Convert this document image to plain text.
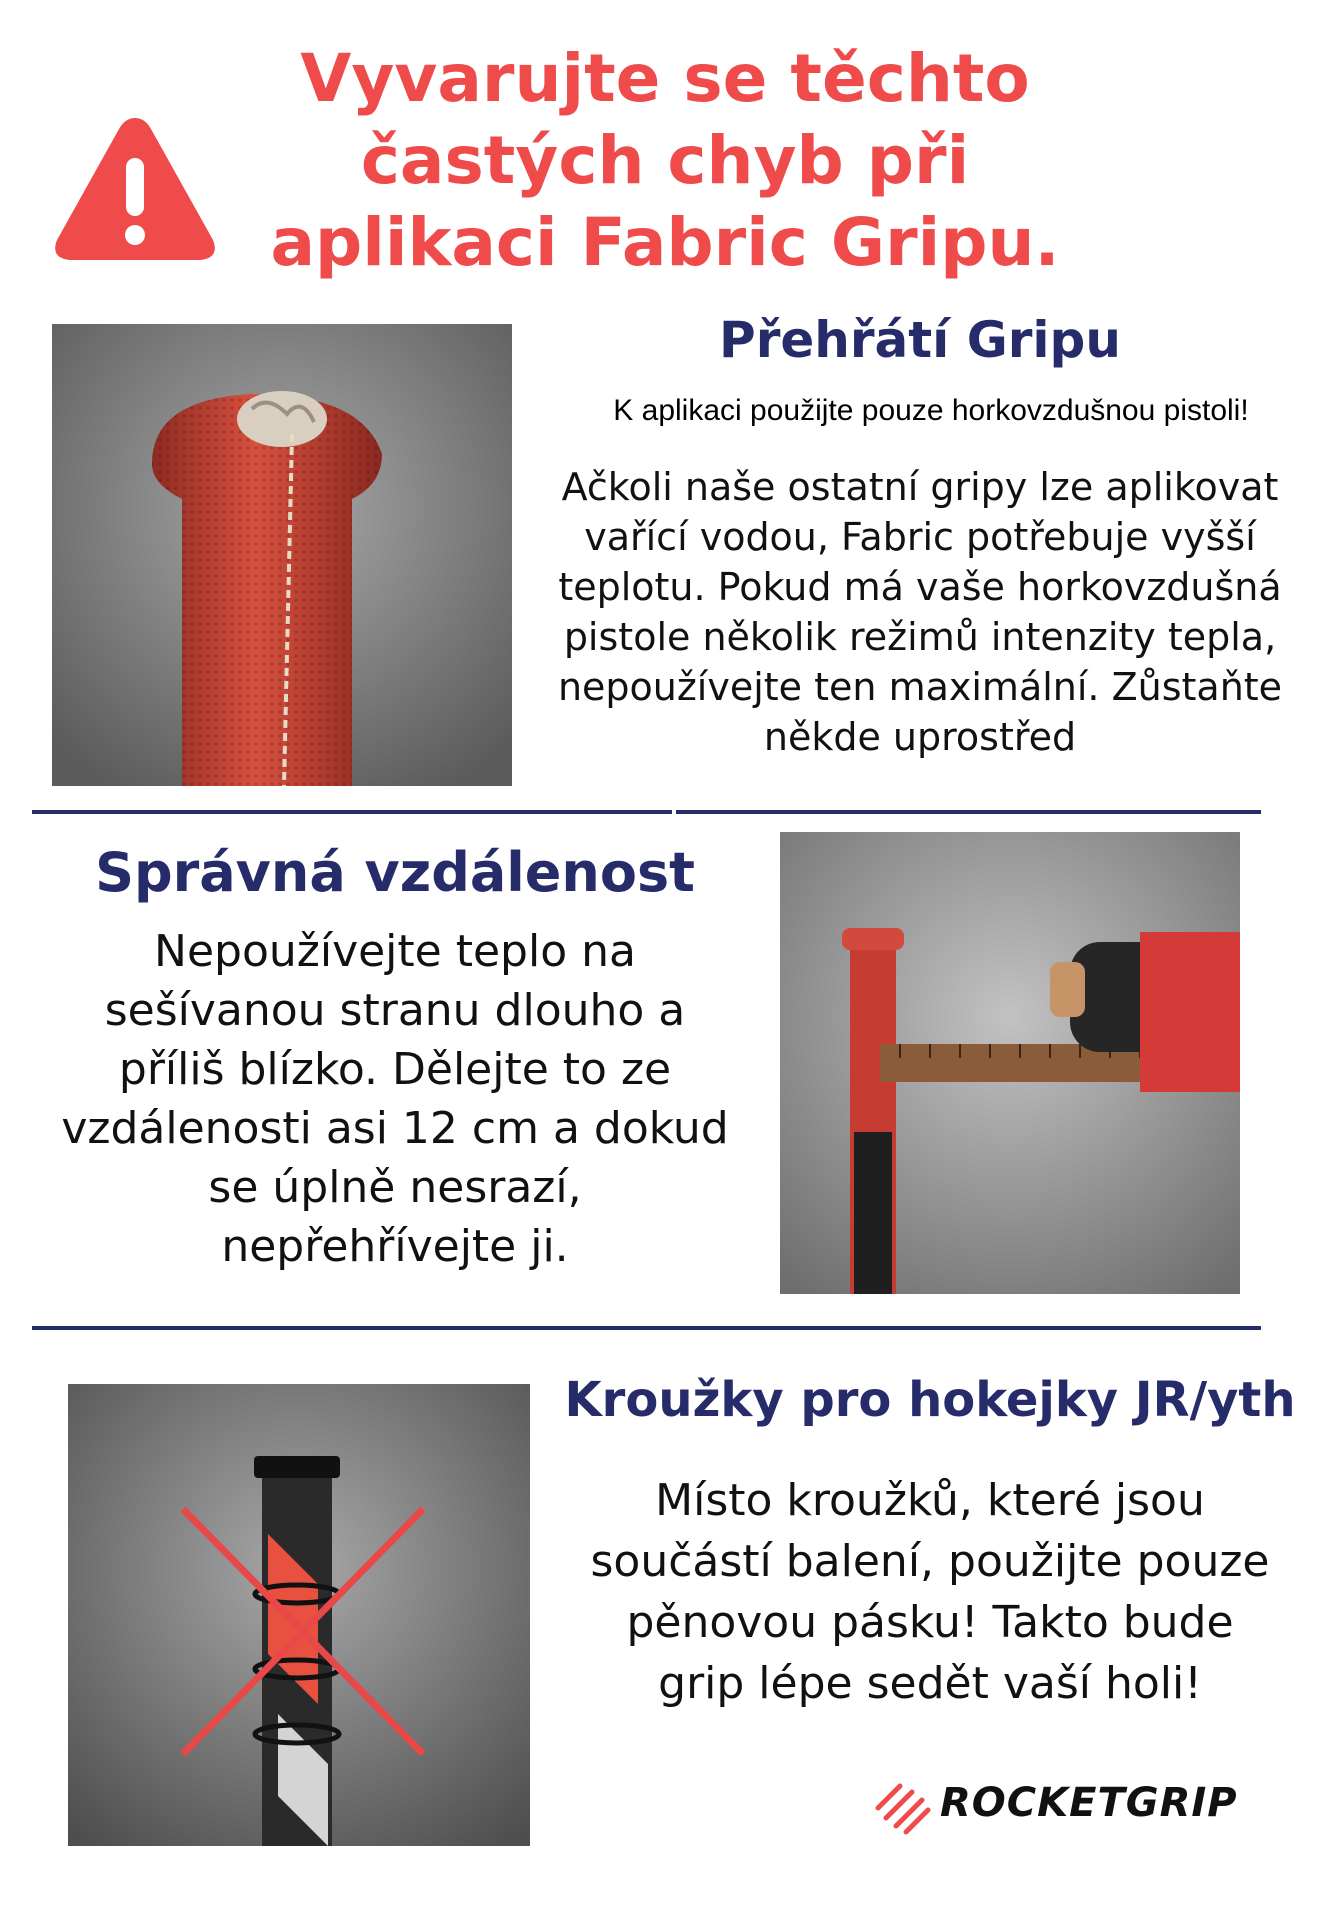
Vyvarujte se těchto
častých chyb při
aplikaci Fabric Gripu.
Přehřátí Gripu
K aplikaci použijte pouze horkovzdušnou pistoli!
Ačkoli naše ostatní gripy lze aplikovat
vařící vodou, Fabric potřebuje vyšší
teplotu. Pokud má vaše horkovzdušná
pistole několik režimů intenzity tepla,
nepoužívejte ten maximální. Zůstaňte
někde uprostřed
Správná vzdálenost
Nepoužívejte teplo na
sešívanou stranu dlouho a
příliš blízko. Dělejte to ze
vzdálenosti asi 12 cm a dokud
se úplně nesrazí,
nepřehřívejte ji.
Kroužky pro hokejky JR/yth
Místo kroužků, které jsou
součástí balení, použijte pouze
pěnovou pásku! Takto bude
grip lépe sedět vaší holi!
ROCKETGRIP
